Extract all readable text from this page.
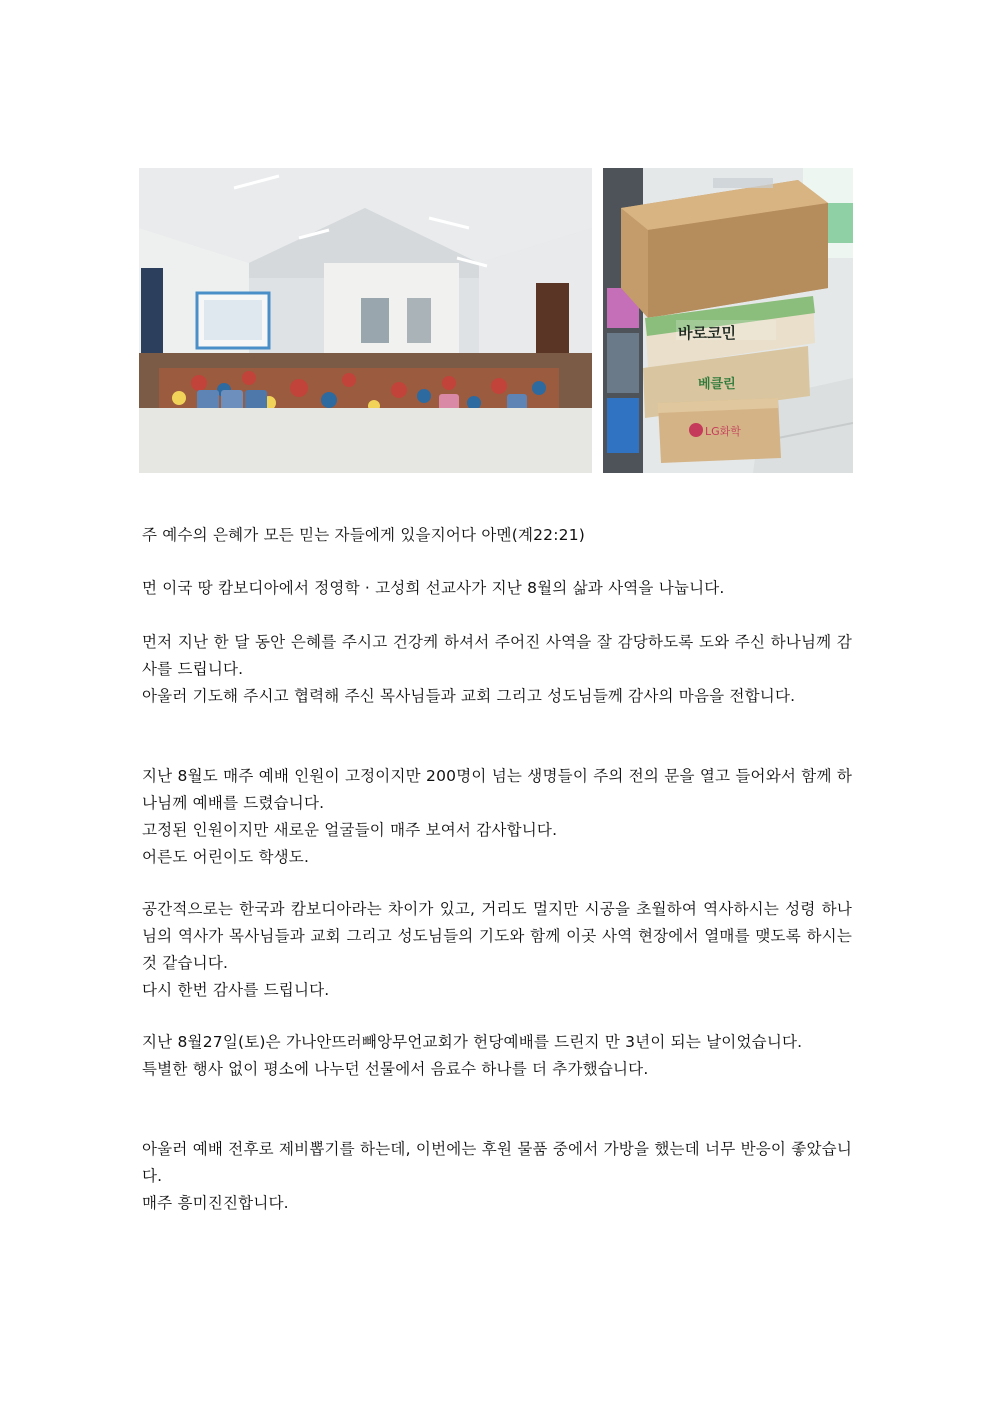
바로코민
베클린
LG화학

주 예수의 은혜가 모든 믿는 자들에게 있을지어다 아멘(계22:21)

먼 이국 땅 캄보디아에서 정영학 · 고성희 선교사가 지난 8월의 삶과 사역을 나눕니다.

먼저 지난 한 달 동안 은혜를 주시고 건강케 하셔서 주어진 사역을 잘 감당하도록 도와 주신 하나님께 감사를 드립니다.

아울러 기도해 주시고 협력해 주신 목사님들과 교회 그리고 성도님들께 감사의 마음을 전합니다.

지난 8월도 매주 예배 인원이 고정이지만 200명이 넘는 생명들이 주의 전의 문을 열고 들어와서 함께 하나님께 예배를 드렸습니다.

고정된 인원이지만 새로운 얼굴들이 매주 보여서 감사합니다.

어른도 어린이도 학생도.

공간적으로는 한국과 캄보디아라는 차이가 있고, 거리도 멀지만 시공을 초월하여 역사하시는 성령 하나님의 역사가 목사님들과 교회 그리고 성도님들의 기도와 함께 이곳 사역 현장에서 열매를 맺도록 하시는 것 같습니다.

다시 한번 감사를 드립니다.

지난 8월27일(토)은 가나안뜨러빼앙무언교회가 헌당예배를 드린지 만 3년이 되는 날이었습니다.

특별한 행사 없이 평소에 나누던 선물에서 음료수 하나를 더 추가했습니다.

아울러 예배 전후로 제비뽑기를 하는데, 이번에는 후원 물품 중에서 가방을 했는데 너무 반응이 좋았습니다.

매주 흥미진진합니다.
